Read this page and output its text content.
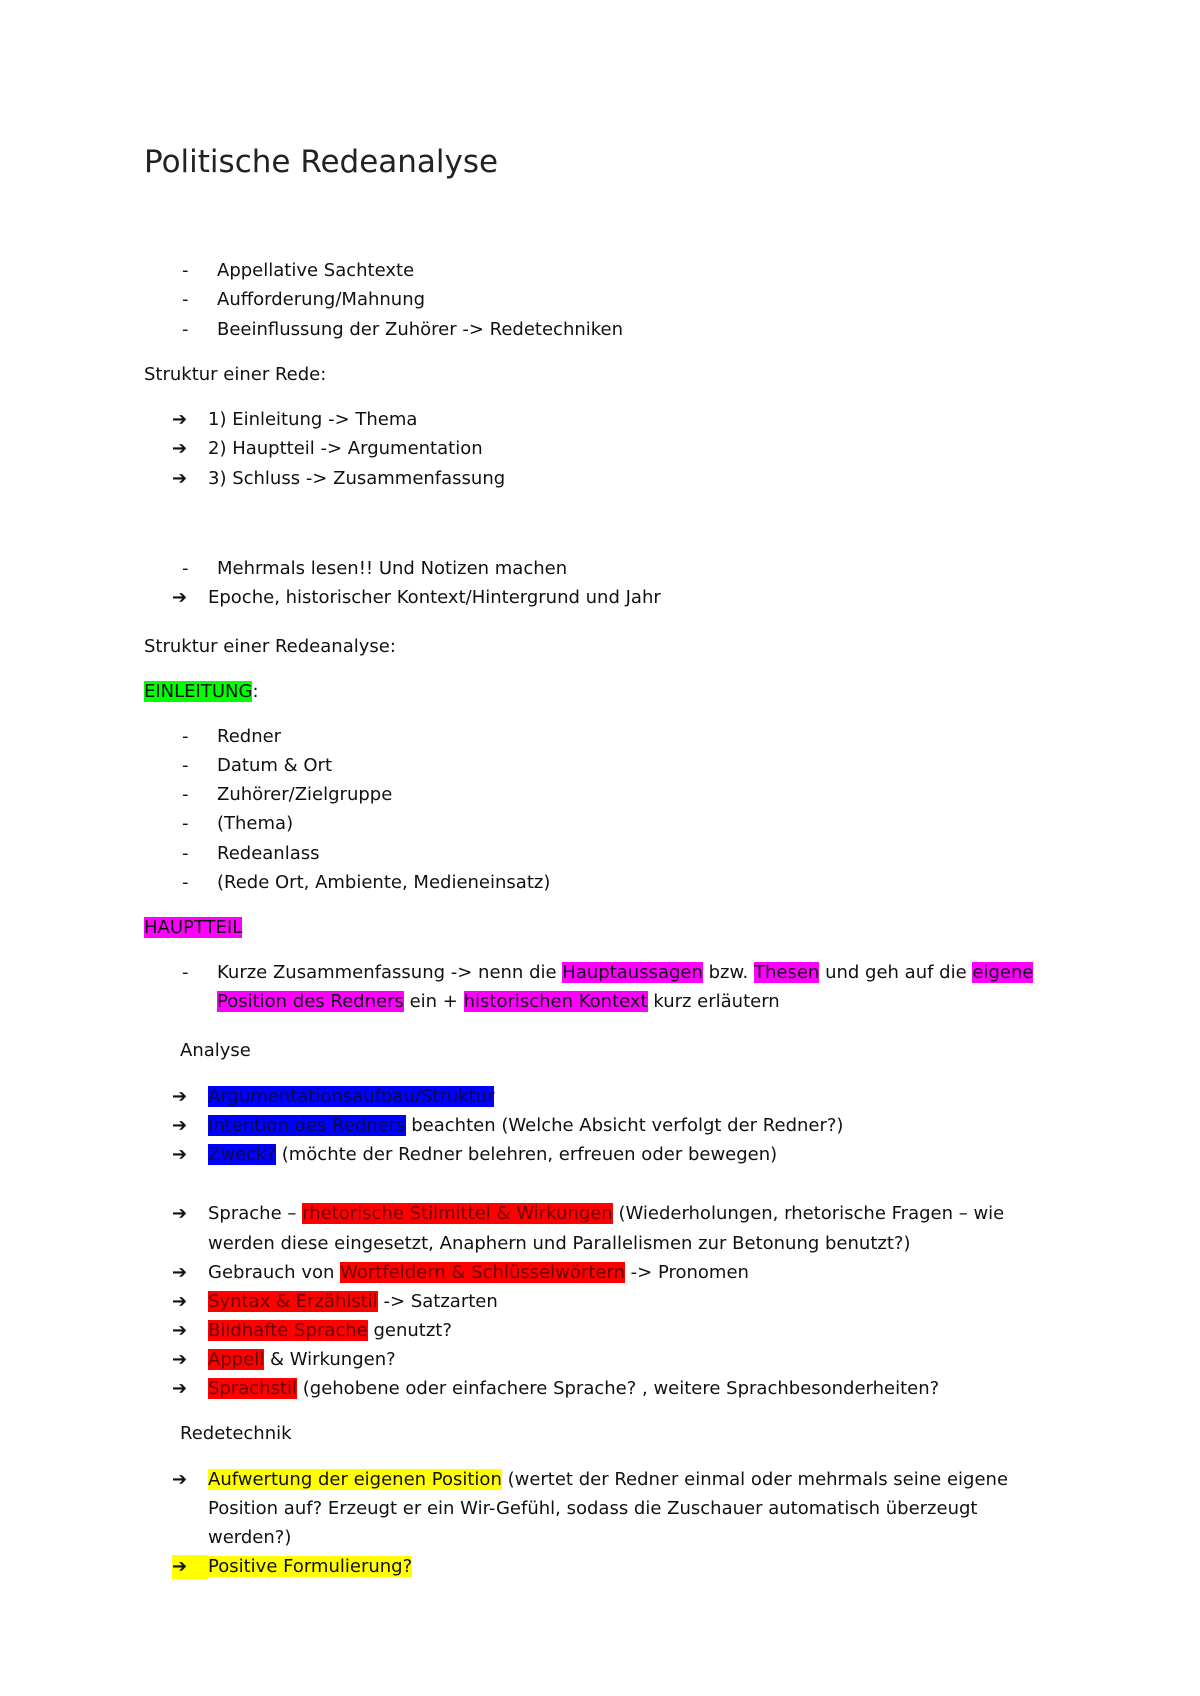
Politische Redeanalyse
-	Appellative Sachtexte
-	Aufforderung/Mahnung
-	Beeinflussung der Zuhörer -> Redetechniken
Struktur einer Rede:
➔	1) Einleitung -> Thema
➔	2) Hauptteil -> Argumentation
➔	3) Schluss -> Zusammenfassung
-	Mehrmals lesen!! Und Notizen machen
➔	Epoche, historischer Kontext/Hintergrund und Jahr
Struktur einer Redeanalyse:
EINLEITUNG:
-	Redner
-	Datum & Ort
-	Zuhörer/Zielgruppe
-	(Thema)
-	Redeanlass
-	(Rede Ort, Ambiente, Medieneinsatz)
HAUPTTEIL
-	Kurze Zusammenfassung -> nenn die Hauptaussagen bzw. Thesen und geh auf die eigene
Position des Redners ein + historischen Kontext kurz erläutern
Analyse
➔	Argumentationsaufbau/Struktur
➔	Intention des Redners beachten (Welche Absicht verfolgt der Redner?)
➔	Zweck? (möchte der Redner belehren, erfreuen oder bewegen)
➔	Sprache – rhetorische Stilmittel & Wirkungen (Wiederholungen, rhetorische Fragen – wie
werden diese eingesetzt, Anaphern und Parallelismen zur Betonung benutzt?)
➔	Gebrauch von Wortfeldern & Schlüsselwörtern -> Pronomen
➔	Syntax & Erzählstil -> Satzarten
➔	Bildhafte Sprache genutzt?
➔	Appell & Wirkungen?
➔	Sprachstil (gehobene oder einfachere Sprache? , weitere Sprachbesonderheiten?
Redetechnik
➔	Aufwertung der eigenen Position (wertet der Redner einmal oder mehrmals seine eigene
Position auf? Erzeugt er ein Wir-Gefühl, sodass die Zuschauer automatisch überzeugt
werden?)
➔	Positive Formulierung?
